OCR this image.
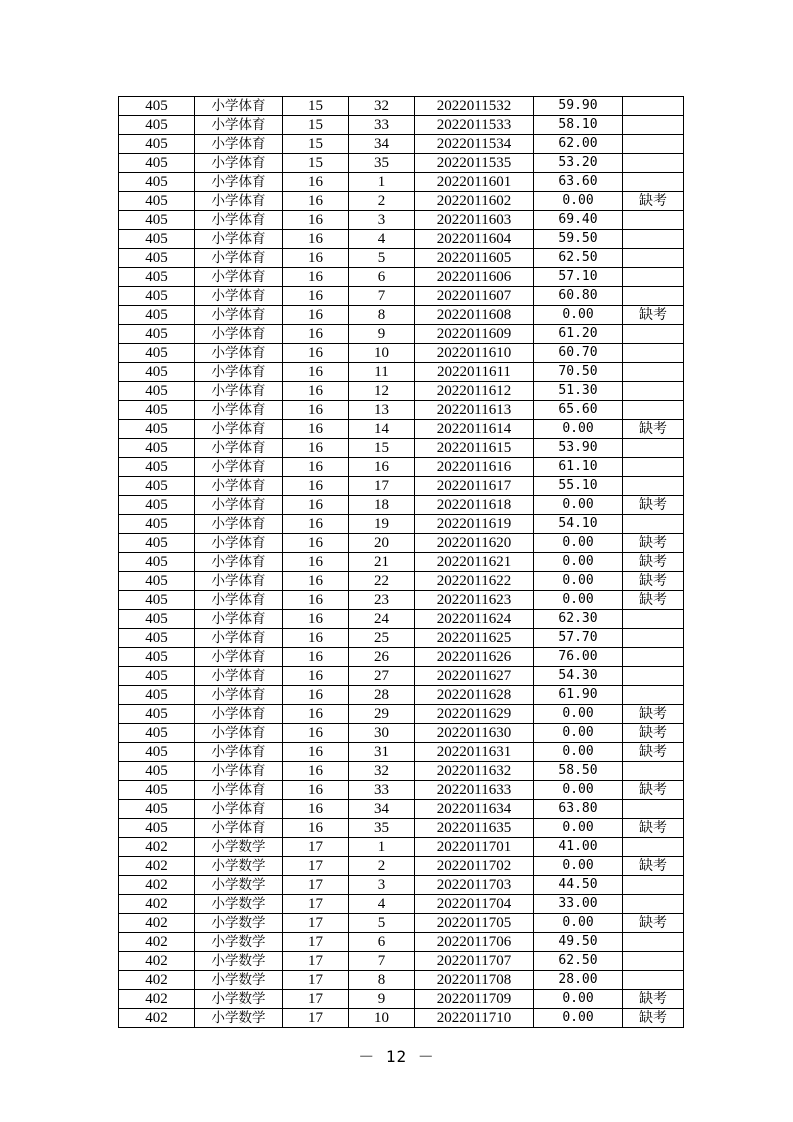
405	小学体育	15	32	2022011532	59.90	
405	小学体育	15	33	2022011533	58.10	
405	小学体育	15	34	2022011534	62.00	
405	小学体育	15	35	2022011535	53.20	
405	小学体育	16	1	2022011601	63.60	
405	小学体育	16	2	2022011602	0.00	缺考
405	小学体育	16	3	2022011603	69.40	
405	小学体育	16	4	2022011604	59.50	
405	小学体育	16	5	2022011605	62.50	
405	小学体育	16	6	2022011606	57.10	
405	小学体育	16	7	2022011607	60.80	
405	小学体育	16	8	2022011608	0.00	缺考
405	小学体育	16	9	2022011609	61.20	
405	小学体育	16	10	2022011610	60.70	
405	小学体育	16	11	2022011611	70.50	
405	小学体育	16	12	2022011612	51.30	
405	小学体育	16	13	2022011613	65.60	
405	小学体育	16	14	2022011614	0.00	缺考
405	小学体育	16	15	2022011615	53.90	
405	小学体育	16	16	2022011616	61.10	
405	小学体育	16	17	2022011617	55.10	
405	小学体育	16	18	2022011618	0.00	缺考
405	小学体育	16	19	2022011619	54.10	
405	小学体育	16	20	2022011620	0.00	缺考
405	小学体育	16	21	2022011621	0.00	缺考
405	小学体育	16	22	2022011622	0.00	缺考
405	小学体育	16	23	2022011623	0.00	缺考
405	小学体育	16	24	2022011624	62.30	
405	小学体育	16	25	2022011625	57.70	
405	小学体育	16	26	2022011626	76.00	
405	小学体育	16	27	2022011627	54.30	
405	小学体育	16	28	2022011628	61.90	
405	小学体育	16	29	2022011629	0.00	缺考
405	小学体育	16	30	2022011630	0.00	缺考
405	小学体育	16	31	2022011631	0.00	缺考
405	小学体育	16	32	2022011632	58.50	
405	小学体育	16	33	2022011633	0.00	缺考
405	小学体育	16	34	2022011634	63.80	
405	小学体育	16	35	2022011635	0.00	缺考
402	小学数学	17	1	2022011701	41.00	
402	小学数学	17	2	2022011702	0.00	缺考
402	小学数学	17	3	2022011703	44.50	
402	小学数学	17	4	2022011704	33.00	
402	小学数学	17	5	2022011705	0.00	缺考
402	小学数学	17	6	2022011706	49.50	
402	小学数学	17	7	2022011707	62.50	
402	小学数学	17	8	2022011708	28.00	
402	小学数学	17	9	2022011709	0.00	缺考
402	小学数学	17	10	2022011710	0.00	缺考
－ 12 －
